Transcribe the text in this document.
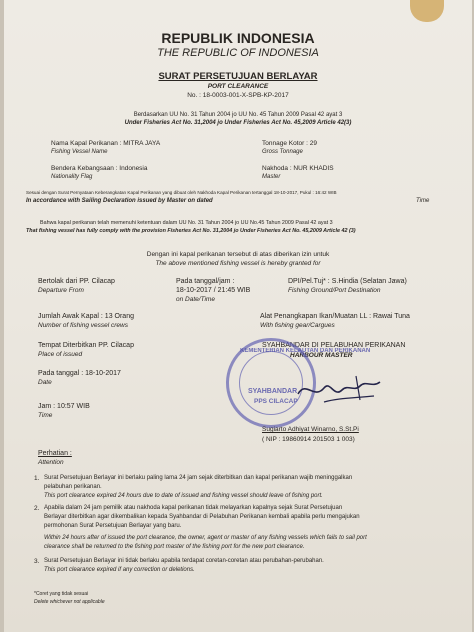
REPUBLIK INDONESIA
THE REPUBLIC OF INDONESIA
SURAT PERSETUJUAN BERLAYAR
PORT CLEARANCE
No. : 18-0003-001-X-SPB-KP-2017
Berdasarkan UU No. 31 Tahun 2004 jo UU No. 45 Tahun 2009 Pasal 42 ayat 3
Under Fisheries Act No. 31,2004 jo Under Fisheries Act No. 45,2009 Article 42(3)
Nama Kapal Perikanan : MITRA JAYA
Fishing Vessel Name
Tonnage Kotor : 29
Gross Tonnage
Bendera Kebangsaan : Indonesia
Nationality Flag
Nakhoda : NUR KHADIS
Master
Sesuai dengan Surat Pernyataan Keberangkatan Kapal Perikanan yang dibuat oleh Nakhoda Kapal Perikanan tertanggal 18-10-2017, Pukul : 16:42 WIB
In accordance with Sailing Declaration issued by Master on dated	Time
Bahwa kapal perikanan telah memenuhi ketentuan dalam UU No. 31 Tahun 2004 jo UU No.45 Tahun 2009 Pasal 42 ayat 3
That fishing vessel has fully comply with the provision Fisheries Act No. 31,2004 jo Under Fisheries Act No. 45,2009 Article 42 (3)
Dengan ini kapal perikanan tersebut di atas diberikan izin untuk
The above mentioned fishing vessel is hereby granted for
Bertolak dari PP. Cilacap
Departure From
Pada tanggal/jam :
18-10-2017 / 21:45 WIB
on Date/Time
DPI/Pel.Tuj* : S.Hindia (Selatan Jawa)
Fishing Ground/Port Destination
Jumlah Awak Kapal : 13 Orang
Number of fishing vessel crews
Alat Penangkapan Ikan/Muatan LL : Rawai Tuna
With fishing gear/Cargues
Tempat Diterbitkan PP. Cilacap
Place of issued
Pada tanggal : 18-10-2017
Date
Jam : 10:57 WIB
Time
SYAHBANDAR DI PELABUHAN PERIKANAN
HARBOUR MASTER
KEMENTERIAN KELAUTAN DAN PERIKANAN
SYAHBANDAR
PPS CILACAP
Sugiarto Adhiyat Winarno, S.St.Pi
( NIP : 19860914 201503 1 003)
Perhatian :
Attention
1. Surat Persetujuan Berlayar ini berlaku paling lama 24 jam sejak diterbitkan dan kapal perikanan wajib meninggalkan
pelabuhan perikanan.
This port clearance expired 24 hours due to date of issued and fishing vessel should leave of fishing port.
2. Apabila dalam 24 jam pemilik atau nakhoda kapal perikanan tidak melayarkan kapalnya sejak Surat Persetujuan
Berlayar diterbitkan agar dikembalikan kepada Syahbandar di Pelabuhan Perikanan kembali apabila perlu mengajukan
permohonan Surat Persetujuan Berlayar yang baru.
Within 24 hours after of issued the port clearance, the owner, agent or master of any fishing vessels which fails to sail port
clearance shall be returned to the fishing port master of the fishing port for the new port clearance.
3. Surat Persetujuan Berlayar ini tidak berlaku apabila terdapat coretan-coretan atau perubahan-perubahan.
This port clearance expired if any correction or deletions.
*Coret yang tidak sesuai
Delete whichever not applicable
